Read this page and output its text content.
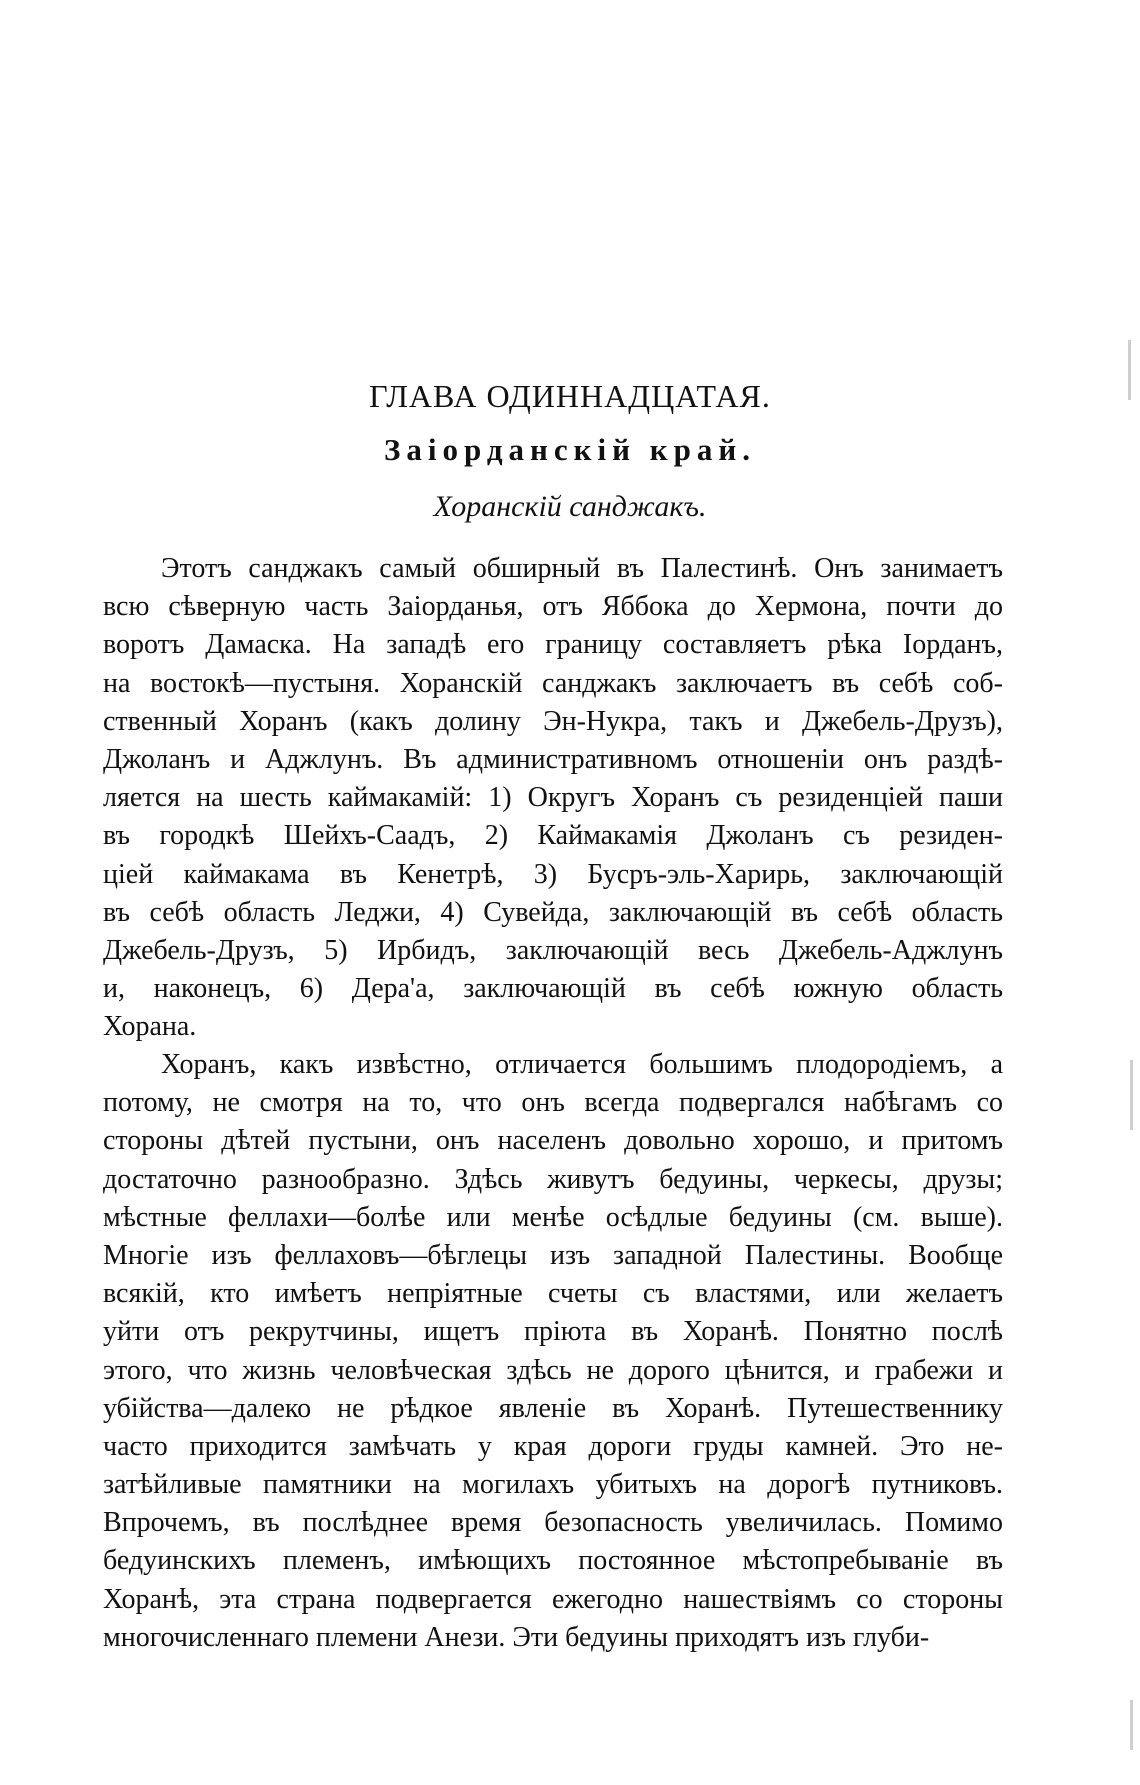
ГЛАВА ОДИННАДЦАТАЯ.
Заiорданскiй край.
Хоранскiй санджакъ.
Этотъ санджакъ самый обширный въ Палестинѣ. Онъ занимаетъ
всю сѣверную часть Заiорданья, отъ Яббока до Хермона, почти до
воротъ Дамаска. На западѣ его границу составляетъ рѣка Iорданъ,
на востокѣ—пустыня. Хоранскiй санджакъ заключаетъ въ себѣ соб-
ственный Хоранъ (какъ долину Эн-Нукра, такъ и Джебель-Друзъ),
Джоланъ и Аджлунъ. Въ административномъ отношенiи онъ раздѣ-
ляется на шесть каймакамiй: 1) Округъ Хоранъ съ резиденцiей паши
въ городкѣ Шейхъ-Саадъ, 2) Каймакамiя Джоланъ съ резиден-
цiей каймакама въ Кенетрѣ, 3) Бусръ-эль-Харирь, заключающiй
въ себѣ область Леджи, 4) Сувейда, заключающiй въ себѣ область
Джебель-Друзъ, 5) Ирбидъ, заключающiй весь Джебель-Аджлунъ
и, наконецъ, 6) Дера'а, заключающiй въ себѣ южную область
Хорана.
Хоранъ, какъ извѣстно, отличается большимъ плодородiемъ, а
потому, не смотря на то, что онъ всегда подвергался набѣгамъ со
стороны дѣтей пустыни, онъ населенъ довольно хорошо, и притомъ
достаточно разнообразно. Здѣсь живутъ бедуины, черкесы, друзы;
мѣстные феллахи—болѣе или менѣе осѣдлые бедуины (см. выше).
Многiе изъ феллаховъ—бѣглецы изъ западной Палестины. Вообще
всякiй, кто имѣетъ непрiятные счеты съ властями, или желаетъ
уйти отъ рекрутчины, ищетъ прiюта въ Хоранѣ. Понятно послѣ
этого, что жизнь человѣческая здѣсь не дорого цѣнится, и грабежи и
убiйства—далеко не рѣдкое явленiе въ Хоранѣ. Путешественнику
часто приходится замѣчать у края дороги груды камней. Это не-
затѣйливые памятники на могилахъ убитыхъ на дорогѣ путниковъ.
Впрочемъ, въ послѣднее время безопасность увеличилась. Помимо
бедуинскихъ племенъ, имѣющихъ постоянное мѣстопребыванiе въ
Хоранѣ, эта страна подвергается ежегодно нашествiямъ со стороны
многочисленнаго племени Анези. Эти бедуины приходятъ изъ глуби-
